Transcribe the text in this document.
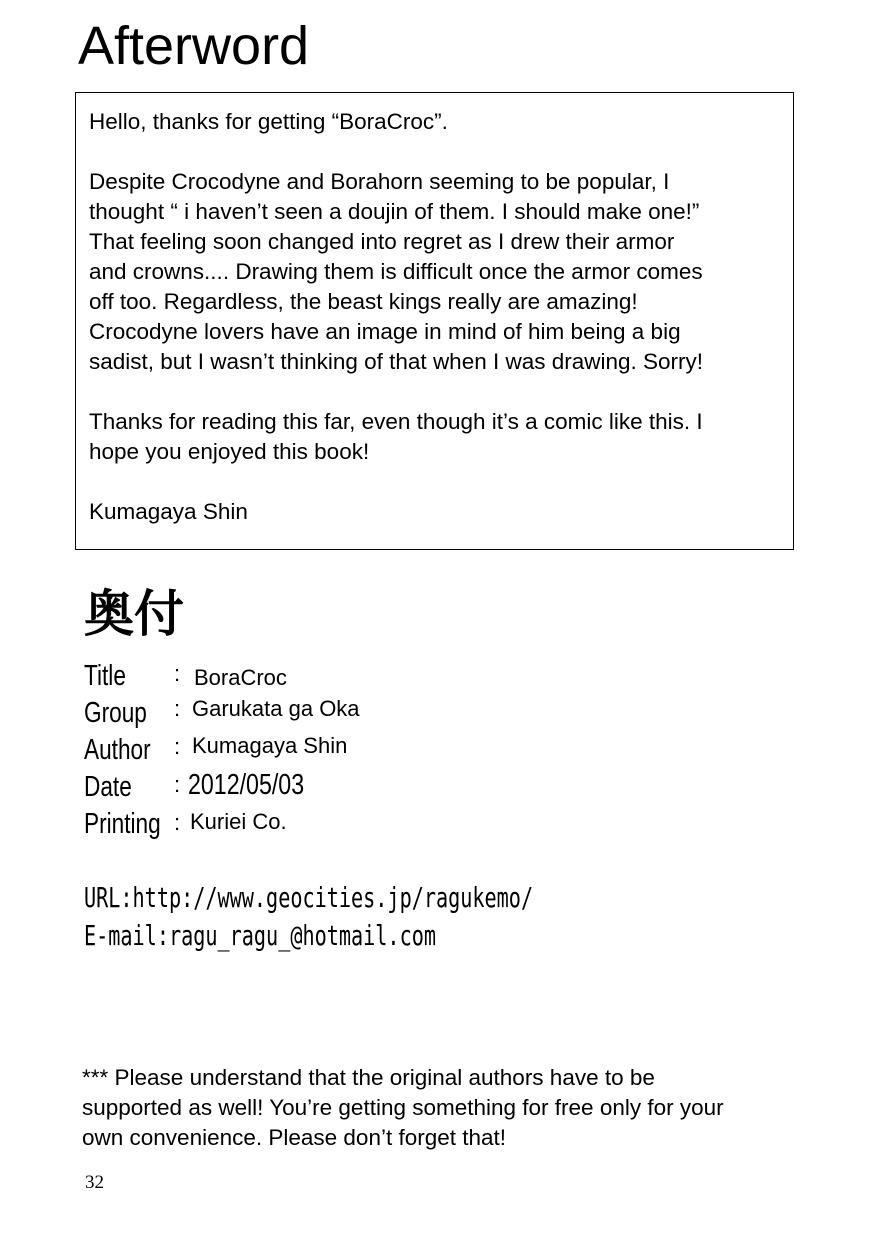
Afterword
Hello, thanks for getting “BoraCroc”.
Despite Crocodyne and Borahorn seeming to be popular, I
thought “ i haven’t seen a doujin of them. I should make one!”
That feeling soon changed into regret as I drew their armor
and crowns.... Drawing them is difficult once the armor comes
off too. Regardless, the beast kings really are amazing!
Crocodyne lovers have an image in mind of him being a big
sadist, but I wasn’t thinking of that when I was drawing. Sorry!
Thanks for reading this far, even though it’s a comic like this. I
hope you enjoyed this book!
Kumagaya Shin
奥付
Title : BoraCroc
Group : Garukata ga Oka
Author : Kumagaya Shin
Date : 2012/05/03
Printing : Kuriei Co.
URL:http://www.geocities.jp/ragukemo/
E-mail:ragu_ragu_@hotmail.com
*** Please understand that the original authors have to be
supported as well! You’re getting something for free only for your
own convenience. Please don’t forget that!
32
